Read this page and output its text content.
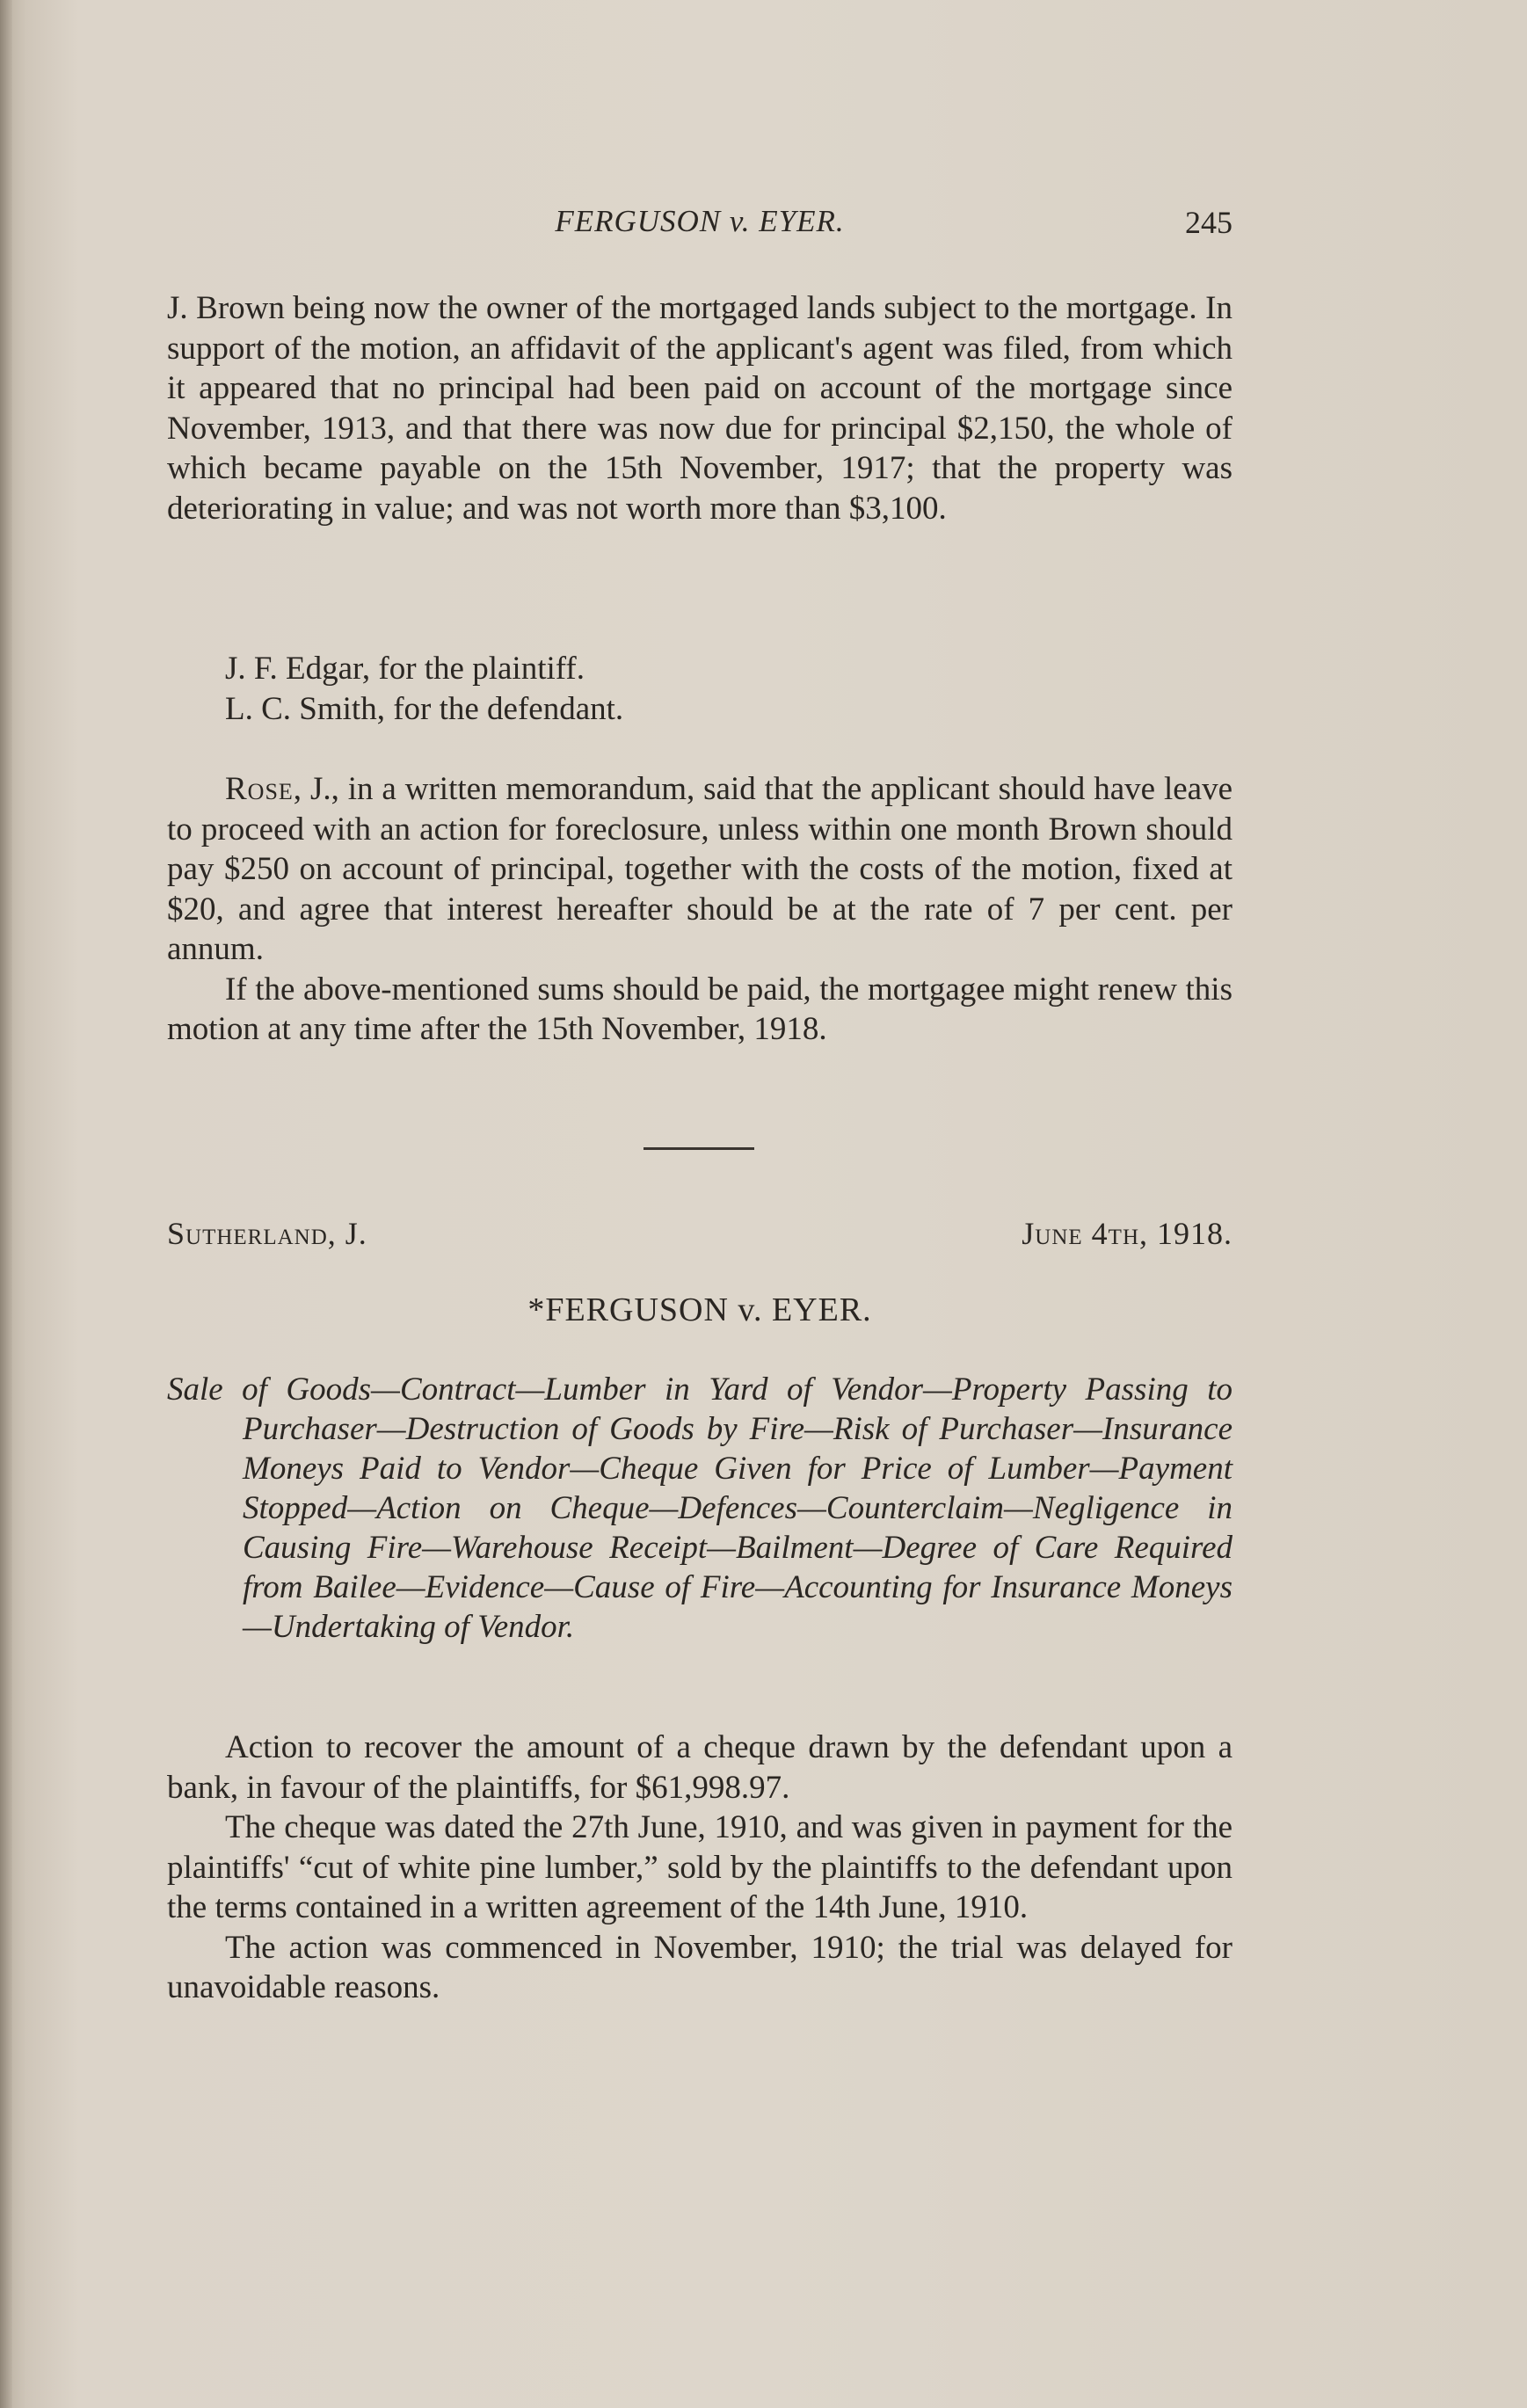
FERGUSON v. EYER.	245

J. Brown being now the owner of the mortgaged lands subject to the mortgage. In support of the motion, an affidavit of the applicant's agent was filed, from which it appeared that no principal had been paid on account of the mortgage since November, 1913, and that there was now due for principal $2,150, the whole of which became payable on the 15th November, 1917; that the property was deteriorating in value; and was not worth more than $3,100.

J. F. Edgar, for the plaintiff.
L. C. Smith, for the defendant.

Rose, J., in a written memorandum, said that the applicant should have leave to proceed with an action for foreclosure, unless within one month Brown should pay $250 on account of principal, together with the costs of the motion, fixed at $20, and agree that interest hereafter should be at the rate of 7 per cent. per annum.

If the above-mentioned sums should be paid, the mortgagee might renew this motion at any time after the 15th November, 1918.

Sutherland, J.	June 4th, 1918.
*FERGUSON v. EYER.
Sale of Goods—Contract—Lumber in Yard of Vendor—Property Passing to Purchaser—Destruction of Goods by Fire—Risk of Purchaser—Insurance Moneys Paid to Vendor—Cheque Given for Price of Lumber—Payment Stopped—Action on Cheque—Defences—Counterclaim—Negligence in Causing Fire—Warehouse Receipt—Bailment—Degree of Care Required from Bailee—Evidence—Cause of Fire—Accounting for Insurance Moneys—Undertaking of Vendor.

Action to recover the amount of a cheque drawn by the defendant upon a bank, in favour of the plaintiffs, for $61,998.97.

The cheque was dated the 27th June, 1910, and was given in payment for the plaintiffs' “cut of white pine lumber,” sold by the plaintiffs to the defendant upon the terms contained in a written agreement of the 14th June, 1910.

The action was commenced in November, 1910; the trial was delayed for unavoidable reasons.
